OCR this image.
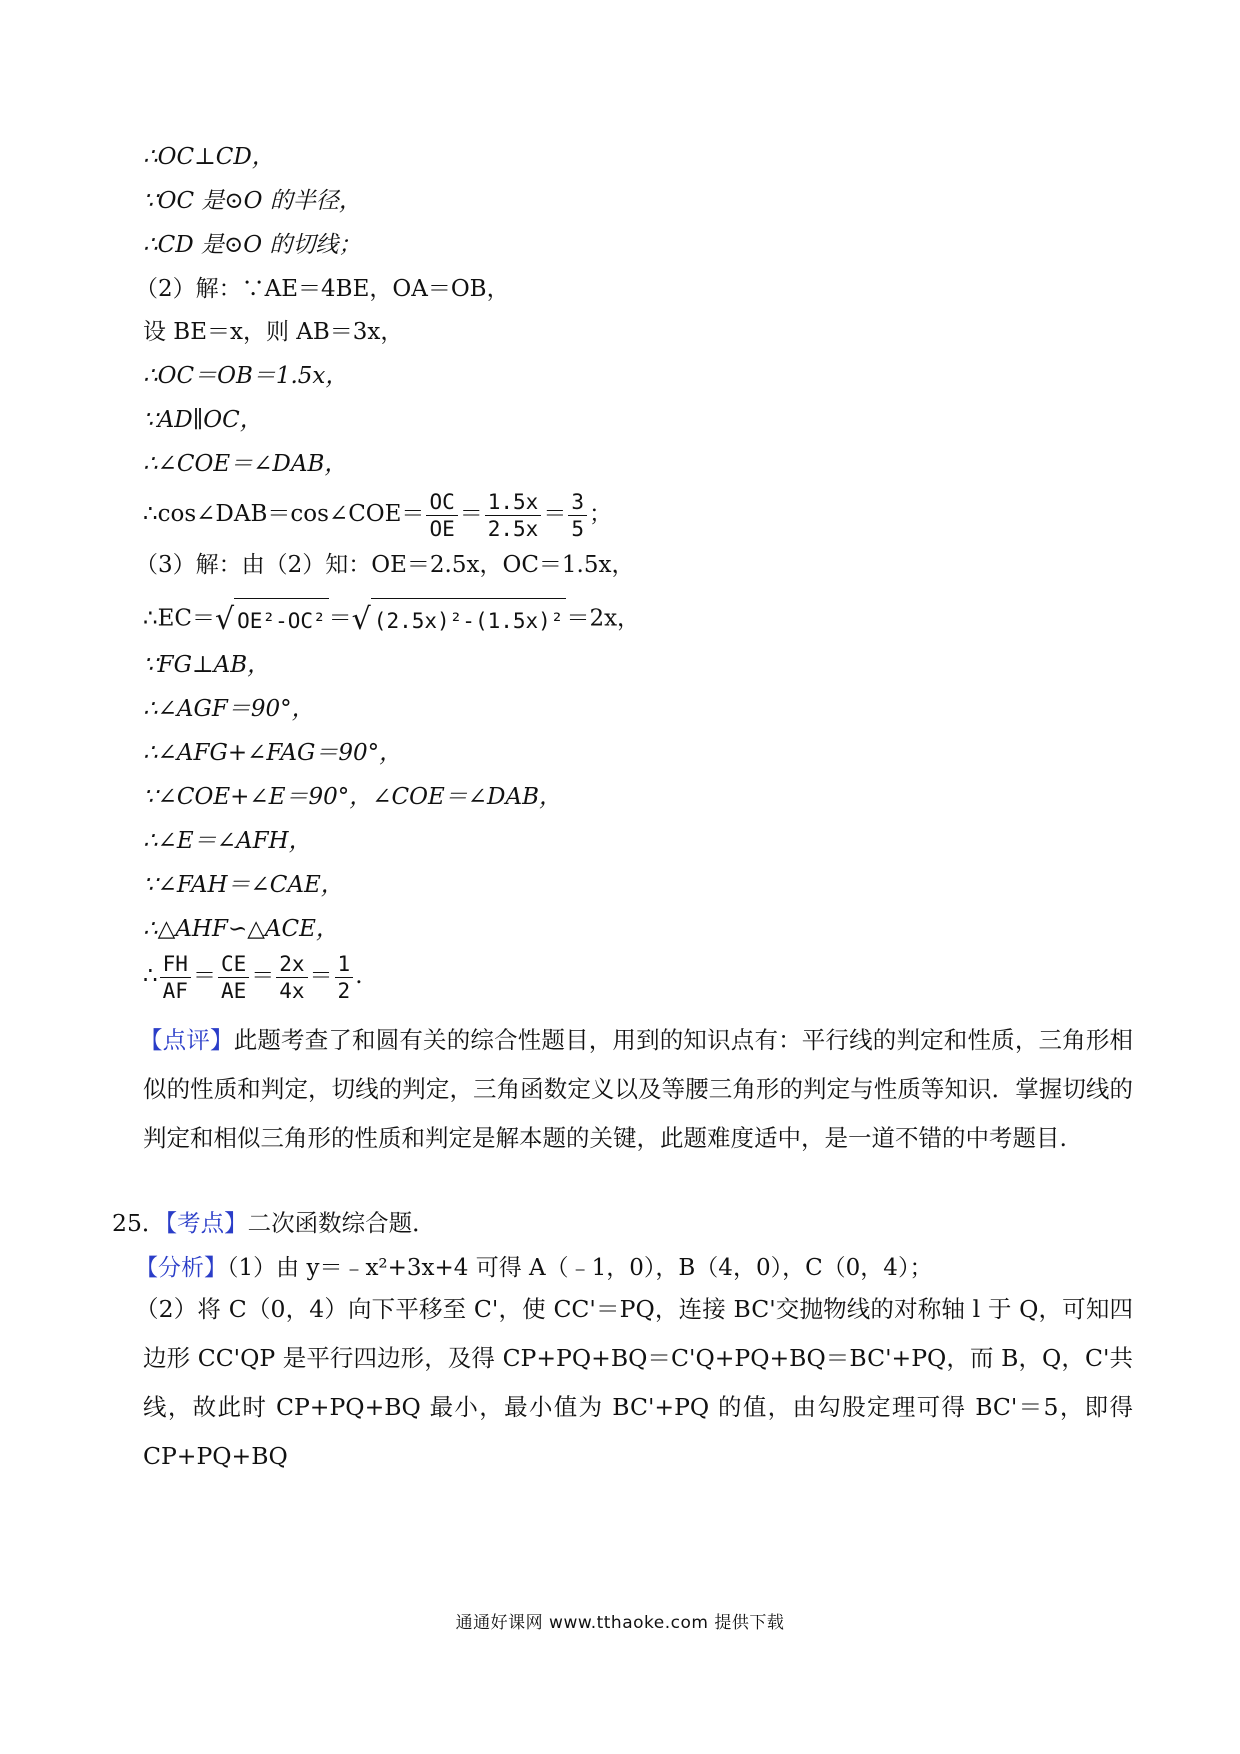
∴OC⊥CD，
∵OC 是⊙O 的半径，
∴CD 是⊙O 的切线；
（2）解：∵AE＝4BE，OA＝OB，
设 BE＝x，则 AB＝3x，
∴OC＝OB＝1.5x，
∵AD∥OC，
∴∠COE＝∠DAB，
∴cos∠DAB＝cos∠COE＝ $\frac{OC}{OE} = \frac{1.5x}{2.5x} = \frac{3}{5}$ ；
（3）解：由（2）知：OE＝2.5x，OC＝1.5x，
∴EC＝√ OE²-OC² ＝√ (2.5x)²-(1.5x)² ＝2x，
∵FG⊥AB，
∴∠AGF＝90°，
∴∠AFG+∠FAG＝90°，
∵∠COE+∠E＝90°，∠COE＝∠DAB，
∴∠E＝∠AFH，
∵∠FAH＝∠CAE，
∴△AHF∽△ACE，
∴ $\frac{FH}{AF} = \frac{CE}{AE} = \frac{2x}{4x} = \frac{1}{2}$ .
【点评】此题考查了和圆有关的综合性题目，用到的知识点有：平行线的判定和性质，三角形相似的性质和判定，切线的判定，三角函数定义以及等腰三角形的判定与性质等知识．掌握切线的判定和相似三角形的性质和判定是解本题的关键，此题难度适中，是一道不错的中考题目.
25．【考点】二次函数综合题．
【分析】（1）由 y＝﹣x²+3x+4 可得 A（﹣1，0），B（4，0），C（0，4）；
（2）将 C（0，4）向下平移至 C'，使 CC'＝PQ，连接 BC'交抛物线的对称轴 l 于 Q，可知四边形 CC'QP 是平行四边形，及得 CP+PQ+BQ＝C'Q+PQ+BQ＝BC'+PQ，而 B，Q，C'共线，故此时 CP+PQ+BQ 最小，最小值为 BC'+PQ 的值，由勾股定理可得 BC'＝5，即得 CP+PQ+BQ
通通好课网 www.tthaoke.com 提供下载
